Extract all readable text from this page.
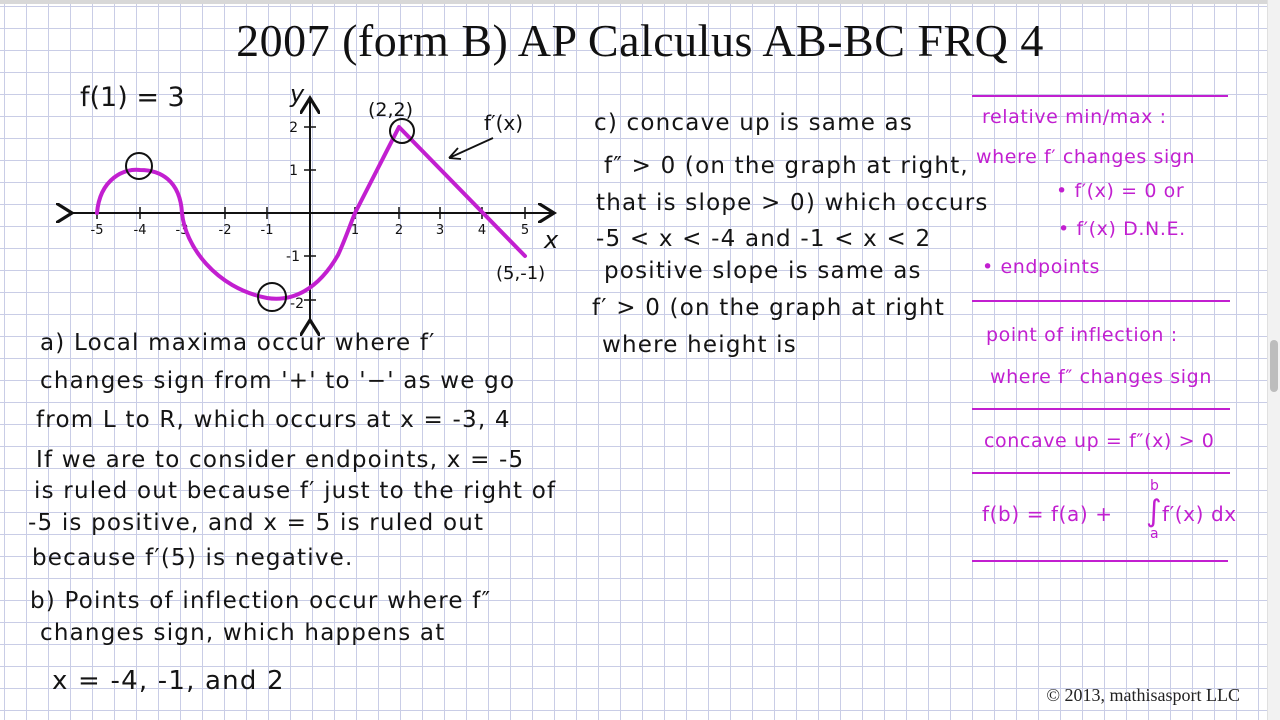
2007 (form B) AP Calculus AB-BC FRQ 4
f(1) = 3
-5 -4 -3 -2 -1	1	2	3	4	5
2
1
-1
-2
y
x
(2,2)
(5,-1)
f′(x)
a) Local maxima occur where f′
changes sign from '+' to '−' as we go
from L to R, which occurs at x = -3, 4
If we are to consider endpoints, x = -5
is ruled out because f′ just to the right of
-5 is positive, and x = 5 is ruled out
because f′(5) is negative.
b) Points of inflection occur where f″
changes sign, which happens at
x = -4, -1, and 2
c) concave up is same as
f″ > 0 (on the graph at right,
that is slope > 0) which occurs
-5 < x < -4 and -1 < x < 2
positive slope is same as
f′ > 0 (on the graph at right
where height is
relative min/max :
where f′ changes sign
• f′(x) = 0 or
• f′(x) D.N.E.
• endpoints
point of inflection :
where f″ changes sign
concave up = f″(x) > 0
f(b) = f(a) +
b
∫
a
f′(x) dx
© 2013, mathisasport LLC
